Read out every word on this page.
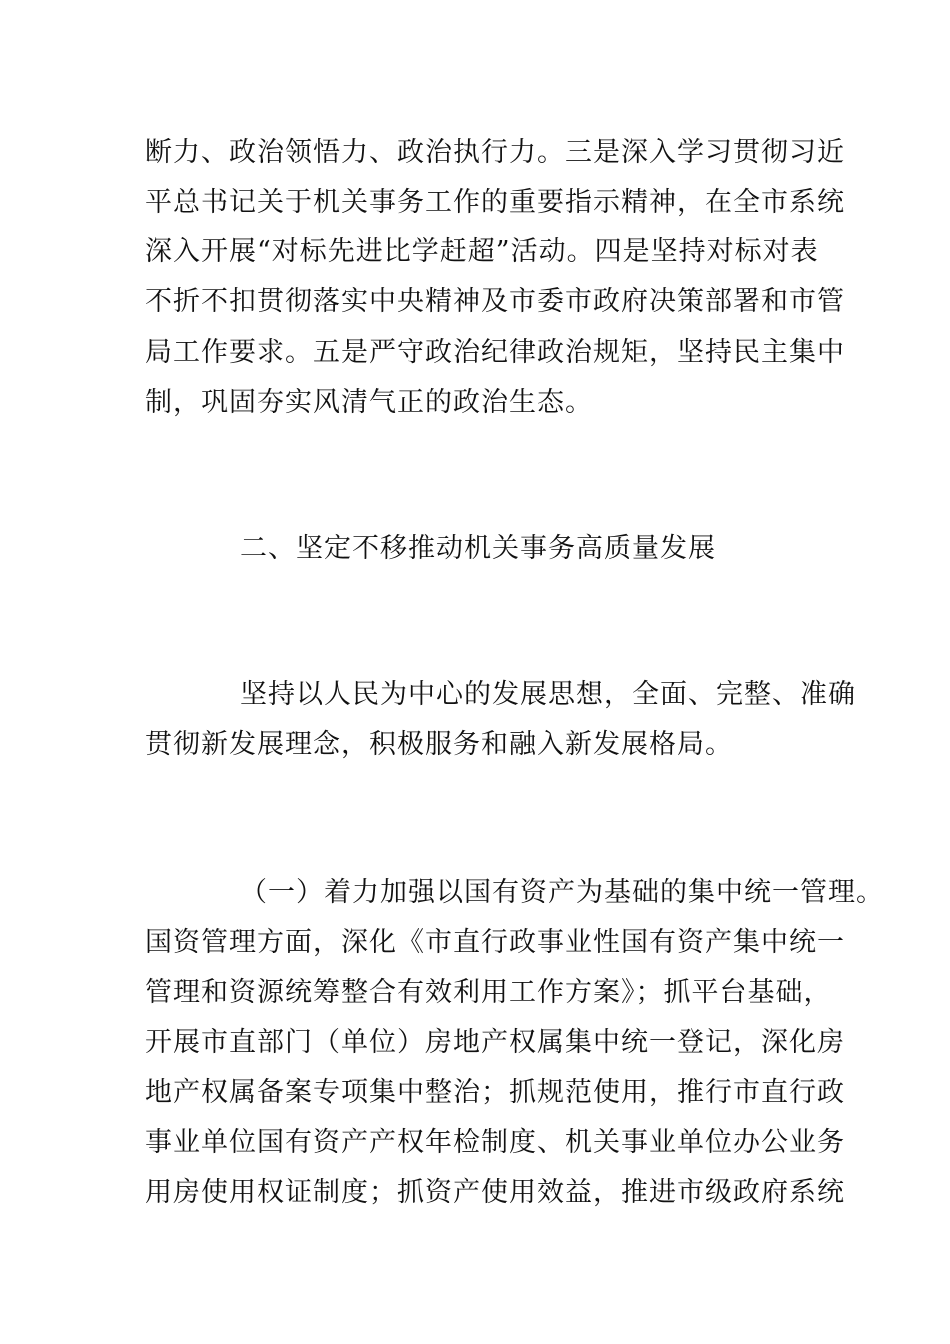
断力、政治领悟力、政治执行力。三是深入学习贯彻习近
平总书记关于机关事务工作的重要指示精神，在全市系统
深入开展“对标先进比学赶超”活动。四是坚持对标对表
不折不扣贯彻落实中央精神及市委市政府决策部署和市管
局工作要求。五是严守政治纪律政治规矩，坚持民主集中
制，巩固夯实风清气正的政治生态。
二、坚定不移推动机关事务高质量发展
坚持以人民为中心的发展思想，全面、完整、准确
贯彻新发展理念，积极服务和融入新发展格局。
（一）着力加强以国有资产为基础的集中统一管理。
国资管理方面，深化《市直行政事业性国有资产集中统一
管理和资源统筹整合有效利用工作方案》；抓平台基础，
开展市直部门（单位）房地产权属集中统一登记，深化房
地产权属备案专项集中整治；抓规范使用，推行市直行政
事业单位国有资产产权年检制度、机关事业单位办公业务
用房使用权证制度；抓资产使用效益，推进市级政府系统
